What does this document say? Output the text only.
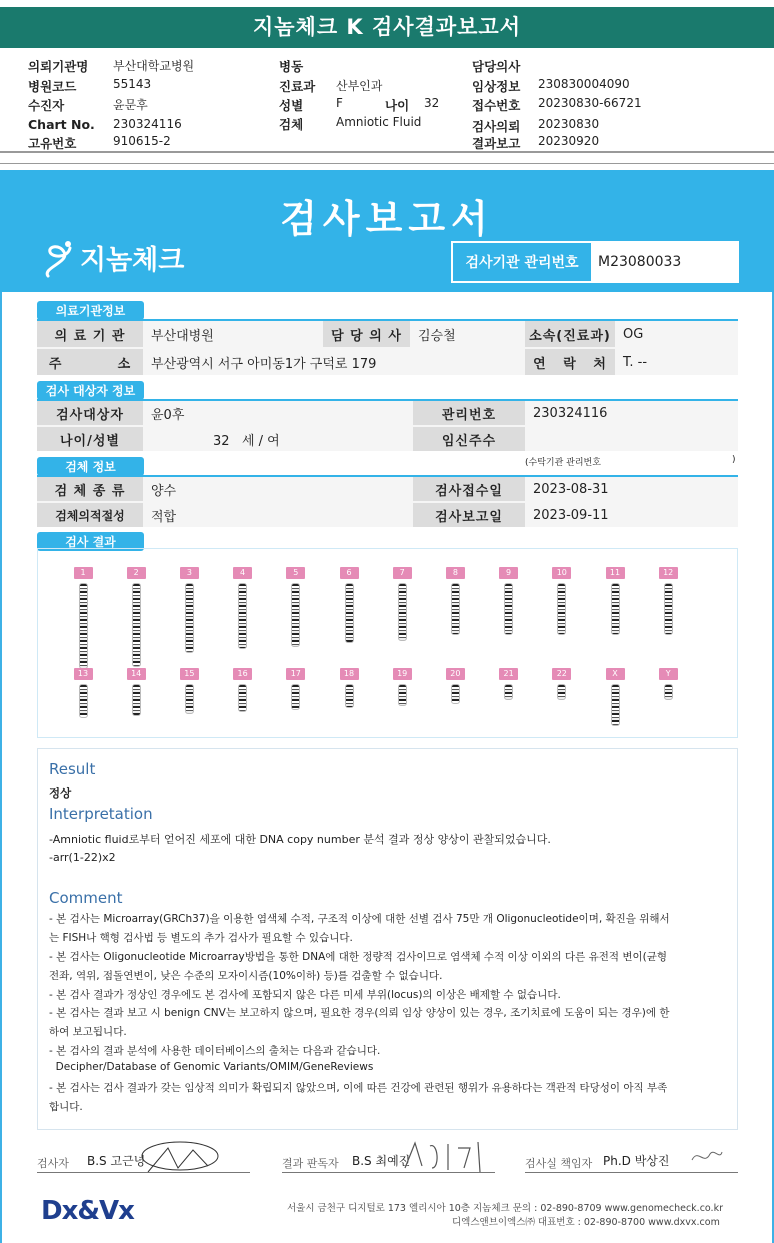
지놈체크 K 검사결과보고서
의뢰기관명 부산대학교병원
병원코드	55143
수진자	윤문후
Chart No. 230324116
고유번호	910615-2
병동
진료과 산부인과
성별	F	나이 32
검체	Amniotic Fluid
담당의사
임상정보 230830004090
접수번호 20230830-66721
검사의뢰 20230830
결과보고 20230920
검사보고서
지놈체크	검사기관 관리번호	M23080033
의료기관정보
의 료 기 관	부산대병원	담 당 의 사	김승철	소속(진료과) OG
주          소	부산광역시 서구 아미동1가 구덕로 179	연   락   처	T. --
검사 대상자 정보
검사대상자	윤0후	관리번호	230324116
나이/성별	32   세 / 여	임신주수
검체 정보	(수탁기관 관리번호	)
검 체 종 류	양수	검사접수일	2023-08-31
검체의적절성	적합	검사보고일	2023-09-11
검사 결과
1	2	3	4	5	6	7	8	9	10	11	12
13	14	15	16	17	18	19	20	21	22	X	Y
Result
정상
Interpretation
-Amniotic fluid로부터 얻어진 세포에 대한 DNA copy number 분석 결과 정상 양상이 관찰되었습니다.
-arr(1-22)x2
Comment
- 본 검사는 Microarray(GRCh37)을 이용한 염색체 수적, 구조적 이상에 대한 선별 검사 75만 개 Oligonucleotide이며, 확진을 위해서
는 FISH나 핵형 검사법 등 별도의 추가 검사가 필요할 수 있습니다.
- 본 검사는 Oligonucleotide Microarray방법을 통한 DNA에 대한 정량적 검사이므로 염색체 수적 이상 이외의 다른 유전적 변이(균형
전좌, 역위, 점돌연변이, 낮은 수준의 모자이시즘(10%이하) 등)를 검출할 수 없습니다.
- 본 검사 결과가 정상인 경우에도 본 검사에 포함되지 않은 다른 미세 부위(locus)의 이상은 배제할 수 없습니다.
- 본 검사는 결과 보고 시 benign CNV는 보고하지 않으며, 필요한 경우(의뢰 임상 양상이 있는 경우, 조기치료에 도움이 되는 경우)에 한
하여 보고됩니다.
- 본 검사의 결과 분석에 사용한 데이터베이스의 출처는 다음과 같습니다.
Decipher/Database of Genomic Variants/OMIM/GeneReviews
- 본 검사는 검사 결과가 갖는 임상적 의미가 확립되지 않았으며, 이에 따른 건강에 관련된 행위가 유용하다는 객관적 타당성이 아직 부족
합니다.
검사자 B.S 고근녕	결과 판독자 B.S 최예진	검사실 책임자 Ph.D 박상진
Dx&Vx	서울시 금천구 디지털로 173 엘리시아 10층 지놈체크 문의 : 02-890-8709 www.genomecheck.co.kr
디엑스앤브이엑스㈜ 대표번호 : 02-890-8700 www.dxvx.com
